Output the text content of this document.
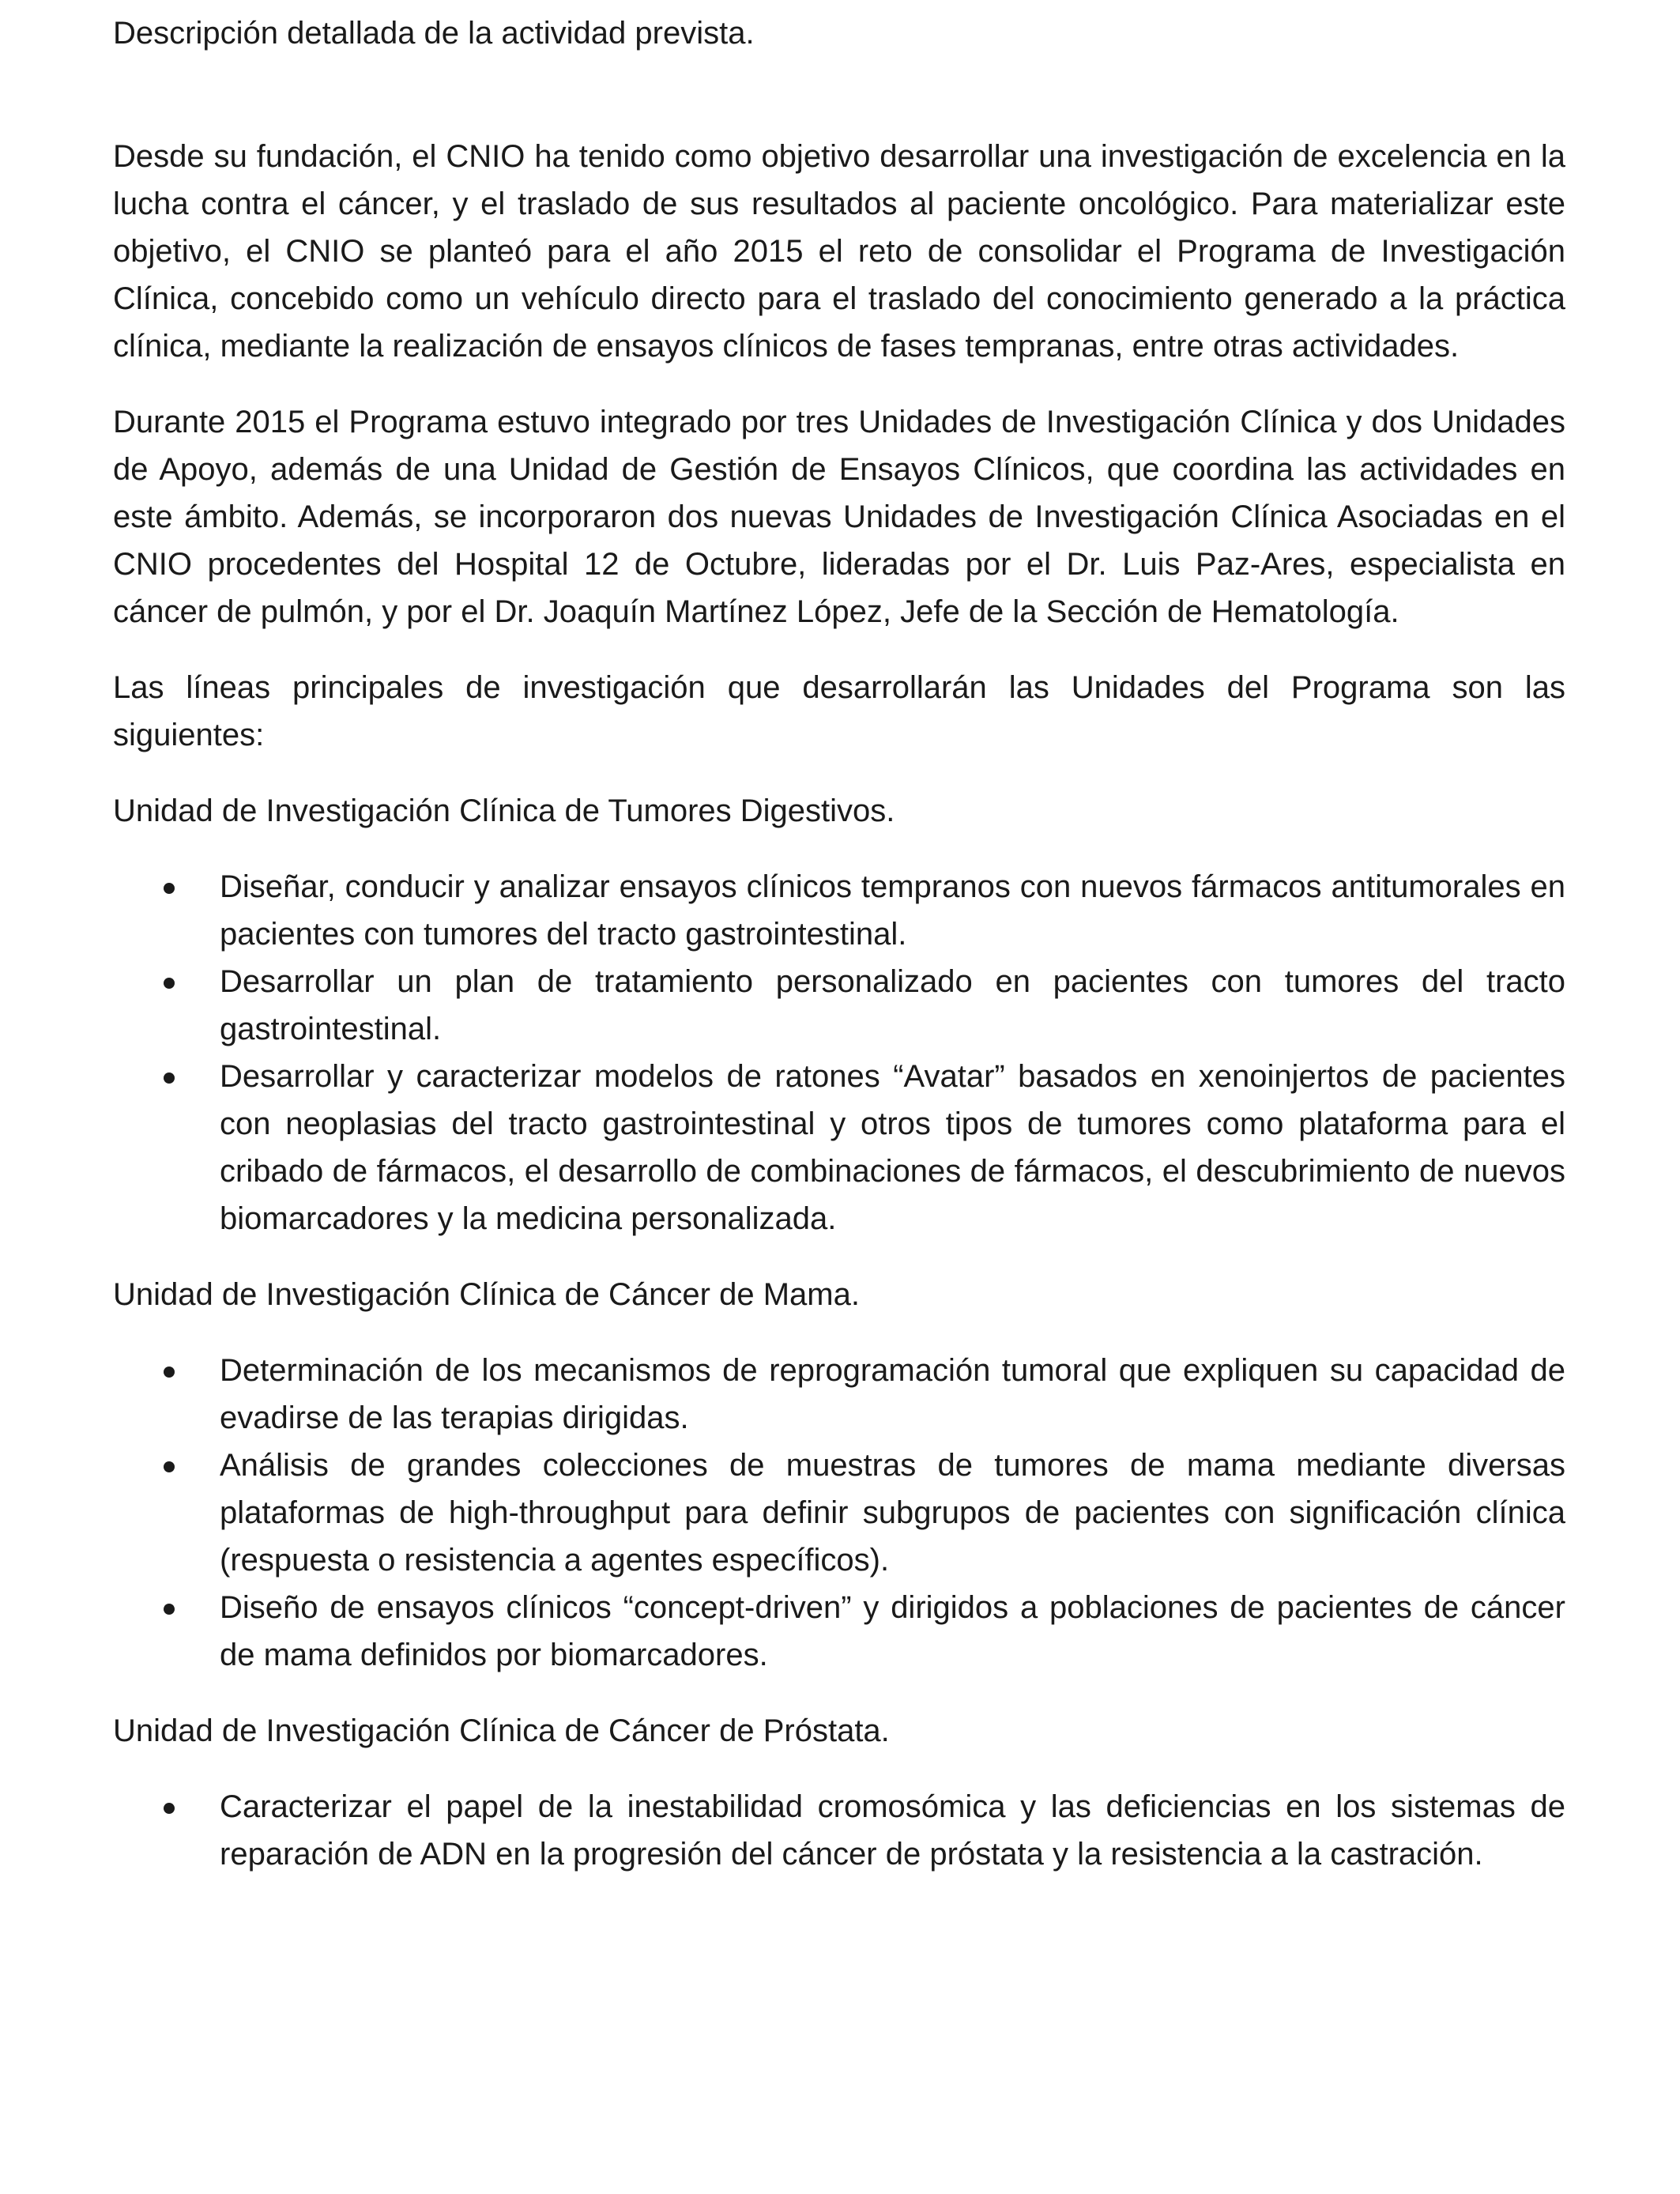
Descripción detallada de la actividad prevista.

Desde su fundación, el CNIO ha tenido como objetivo desarrollar una investigación de excelencia en la lucha contra el cáncer, y el traslado de sus resultados al paciente oncológico. Para materializar este objetivo, el CNIO se planteó para el año 2015 el reto de consolidar el Programa de Investigación Clínica, concebido como un vehículo directo para el traslado del conocimiento generado a la práctica clínica, mediante la realización de ensayos clínicos de fases tempranas, entre otras actividades.

Durante 2015 el Programa estuvo integrado por tres Unidades de Investigación Clínica y dos Unidades de Apoyo, además de una Unidad de Gestión de Ensayos Clínicos, que coordina las actividades en este ámbito. Además, se incorporaron dos nuevas Unidades de Investigación Clínica Asociadas en el CNIO procedentes del Hospital 12 de Octubre, lideradas por el Dr. Luis Paz-Ares, especialista en cáncer de pulmón, y por el Dr. Joaquín Martínez López, Jefe de la Sección de Hematología.

Las líneas principales de investigación que desarrollarán las Unidades del Programa son las siguientes:

Unidad de Investigación Clínica de Tumores Digestivos.
Diseñar, conducir y analizar ensayos clínicos tempranos con nuevos fármacos antitumorales en pacientes con tumores del tracto gastrointestinal.
Desarrollar un plan de tratamiento personalizado en pacientes con tumores del tracto gastrointestinal.
Desarrollar y caracterizar modelos de ratones “Avatar” basados en xenoinjertos de pacientes con neoplasias del tracto gastrointestinal y otros tipos de tumores como plataforma para el cribado de fármacos, el desarrollo de combinaciones de fármacos, el descubrimiento de nuevos biomarcadores y la medicina personalizada.
Unidad de Investigación Clínica de Cáncer de Mama.
Determinación de los mecanismos de reprogramación tumoral que expliquen su capacidad de evadirse de las terapias dirigidas.
Análisis de grandes colecciones de muestras de tumores de mama mediante diversas plataformas de high-throughput para definir subgrupos de pacientes con significación clínica (respuesta o resistencia a agentes específicos).
Diseño de ensayos clínicos “concept-driven” y dirigidos a poblaciones de pacientes de cáncer de mama definidos por biomarcadores.
Unidad de Investigación Clínica de Cáncer de Próstata.
Caracterizar el papel de la inestabilidad cromosómica y las deficiencias en los sistemas de reparación de ADN en la progresión del cáncer de próstata y la resistencia a la castración.
